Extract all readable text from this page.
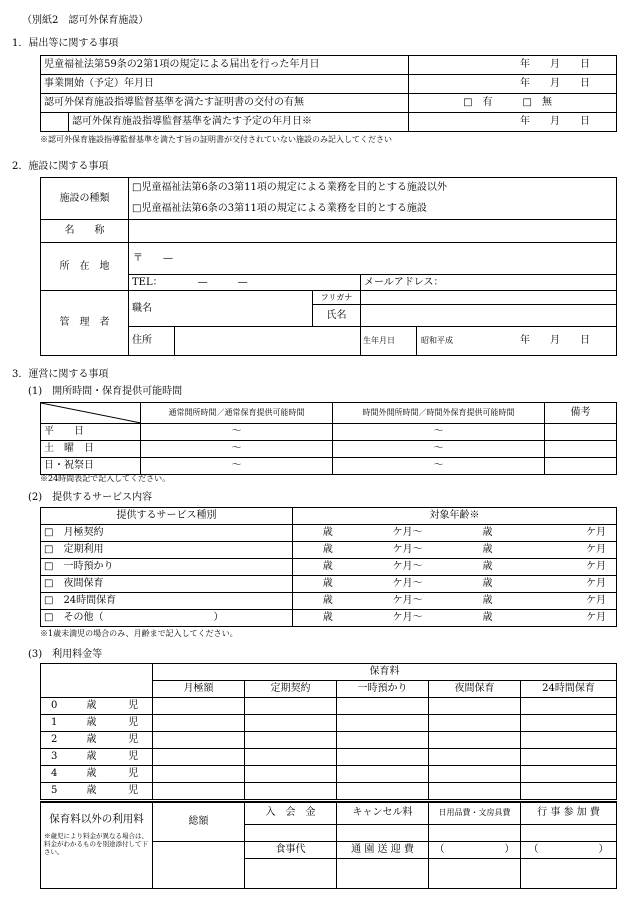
（別紙2　認可外保育施設）
1．届出等に関する事項
児童福祉法第59条の2第1項の規定による届出を行った年月日		年　　月　　日
事業開始（予定）年月日		年　　月　　日
認可外保育施設指導監督基準を満たす証明書の交付の有無		□　有　　　□　無
	認可外保育施設指導監督基準を満たす予定の年月日※	年　　月　　日
※認可外保育施設指導監督基準を満たす旨の証明書が交付されていない施設のみ記入してください
2．施設に関する事項
施設の種類	□児童福祉法第6条の3第11項の規定による業務を目的とする施設以外				
	□児童福祉法第6条の3第11項の規定による業務を目的とする施設				
名　　称					
所　在　地	〒　　—				
	TEL：　　　　—　　　—			メールアドレス：	
管　理　者	職名		フリガナ		
			氏名		
	住所			生年月日	昭和平成 年　　月　　日
3．運営に関する事項
(1)　開所時間・保育提供可能時間
	通常開所時間／通常保育提供可能時間	時間外開所時間／時間外保育提供可能時間	備考
平　　日	〜	〜	
土　曜　日	〜	〜	
日・祝祭日	〜	〜	
※24時間表記で記入してください。
(2)　提供するサービス内容
提供するサービス種別	対象年齢※			
□　月極契約	歳	ケ月〜	歳	ケ月
□　定期利用	歳	ケ月〜	歳	ケ月
□　一時預かり	歳	ケ月〜	歳	ケ月
□　夜間保育	歳	ケ月〜	歳	ケ月
□　24時間保育	歳	ケ月〜	歳	ケ月
□　その他（　　　　　　　　　　　）	歳	ケ月〜	歳	ケ月
※1歳未満児の場合のみ、月齢まで記入してください。
(3)　利用料金等
			保育料				
			月極額	定期契約	一時預かり	夜間保育	24時間保育
0	歳	児					
1	歳	児					
2	歳	児					
3	歳	児					
4	歳	児					
5	歳	児					
保育料以外の利用料
※歳児により料金が異なる場合は、料金がわかるものを別途添付して下さい。	総額	入　会　金	キャンセル料	日用品費・文房具費	行 事 参 加 費

		食事代	通 園 送 迎 費	（　　　　　　）	（　　　　　　）
